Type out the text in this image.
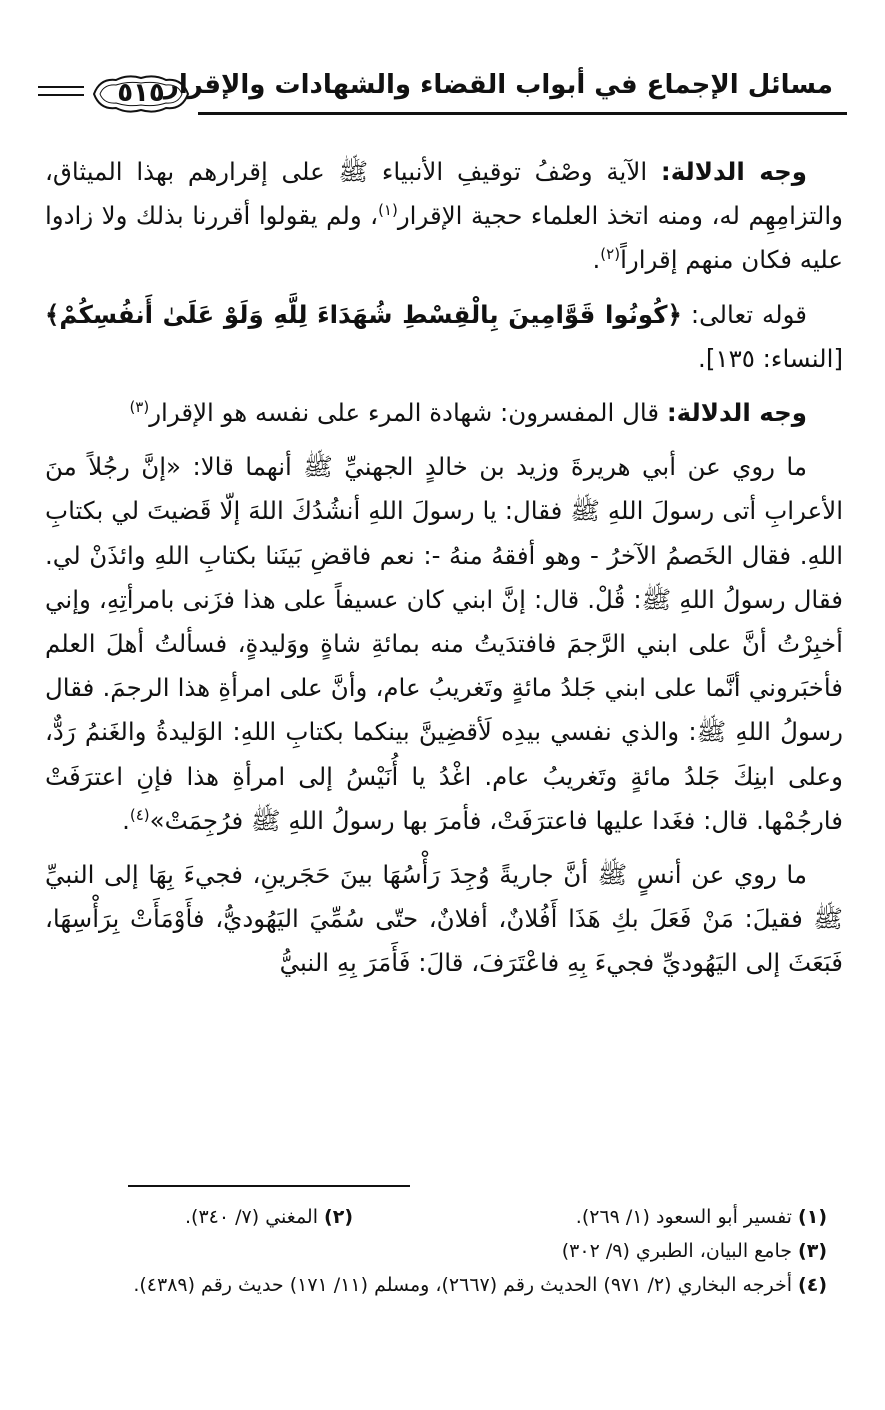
مسائل الإجماع في أبواب القضاء والشهادات والإقرار
٥١٥

وجه الدلالة: الآية وصْفُ توقيفِ الأنبياء ﷺ على إقرارهم بهذا الميثاق، والتزامِهِم له، ومنه اتخذ العلماء حجية الإقرار$^{(١)}$، ولم يقولوا أقررنا بذلك ولا زادوا عليه فكان منهم إقراراً$^{(٢)}$.

قوله تعالى: ﴿كُونُوا قَوَّامِينَ بِالْقِسْطِ شُهَدَاءَ لِلَّهِ وَلَوْ عَلَىٰ أَنفُسِكُمْ﴾ [النساء: ١٣٥].

وجه الدلالة: قال المفسرون: شهادة المرء على نفسه هو الإقرار$^{(٣)}$

ما روي عن أبي هريرةَ وزيد بن خالدٍ الجهنيِّ ﷺ أنهما قالا: «إنَّ رجُلاً منَ الأعرابِ أتى رسولَ اللهِ ﷺ فقال: يا رسولَ اللهِ أنشُدُكَ اللهَ إلّا قَضيتَ لي بكتابِ اللهِ. فقال الخَصمُ الآخرُ - وهو أفقهُ منهُ -: نعم فاقضِ بَينَنا بكتابِ اللهِ وائذَنْ لي. فقال رسولُ اللهِ ﷺ: قُلْ. قال: إنَّ ابني كان عسيفاً على هذا فزَنى بامرأتِهِ، وإني أخبِرْتُ أنَّ على ابني الرَّجمَ فافتدَيتُ منه بمائةِ شاةٍ ووَليدةٍ، فسألتُ أهلَ العلم فأخبَروني أنَّما على ابني جَلدُ مائةٍ وتَغريبُ عام، وأنَّ على امرأةِ هذا الرجمَ. فقال رسولُ اللهِ ﷺ: والذي نفسي بيدِه لَأقضِينَّ بينكما بكتابِ اللهِ: الوَليدةُ والغَنمُ رَدٌّ، وعلى ابنِكَ جَلدُ مائةٍ وتَغريبُ عام. اغْدُ يا أُنَيْسُ إلى امرأةِ هذا فإنِ اعترَفَتْ فارجُمْها. قال: فغَدا عليها فاعترَفَتْ، فأمرَ بها رسولُ اللهِ ﷺ فرُجِمَتْ»$^{(٤)}$.

ما روي عن أنسٍ ﷺ أنَّ جاريةً وُجِدَ رَأْسُهَا بينَ حَجَرينِ، فجيءَ بِهَا إلى النبيِّ ﷺ فقيلَ: مَنْ فَعَلَ بكِ هَذَا أَفُلانٌ، أفلانٌ، حتّى سُمِّيَ اليَهُوديُّ، فأَوْمَأَتْ بِرَأْسِهَا، فَبَعَثَ إلى اليَهُوديِّ فجيءَ بِهِ فاعْتَرَفَ، قالَ: فَأَمَرَ بِهِ النبيُّ

(١) تفسير أبو السعود (١/ ٢٦٩).

(٢) المغني (٧/ ٣٤٠).

(٣) جامع البيان، الطبري (٩/ ٣٠٢)

(٤) أخرجه البخاري (٢/ ٩٧١) الحديث رقم (٢٦٦٧)، ومسلم (١١/ ١٧١) حديث رقم (٤٣٨٩).
